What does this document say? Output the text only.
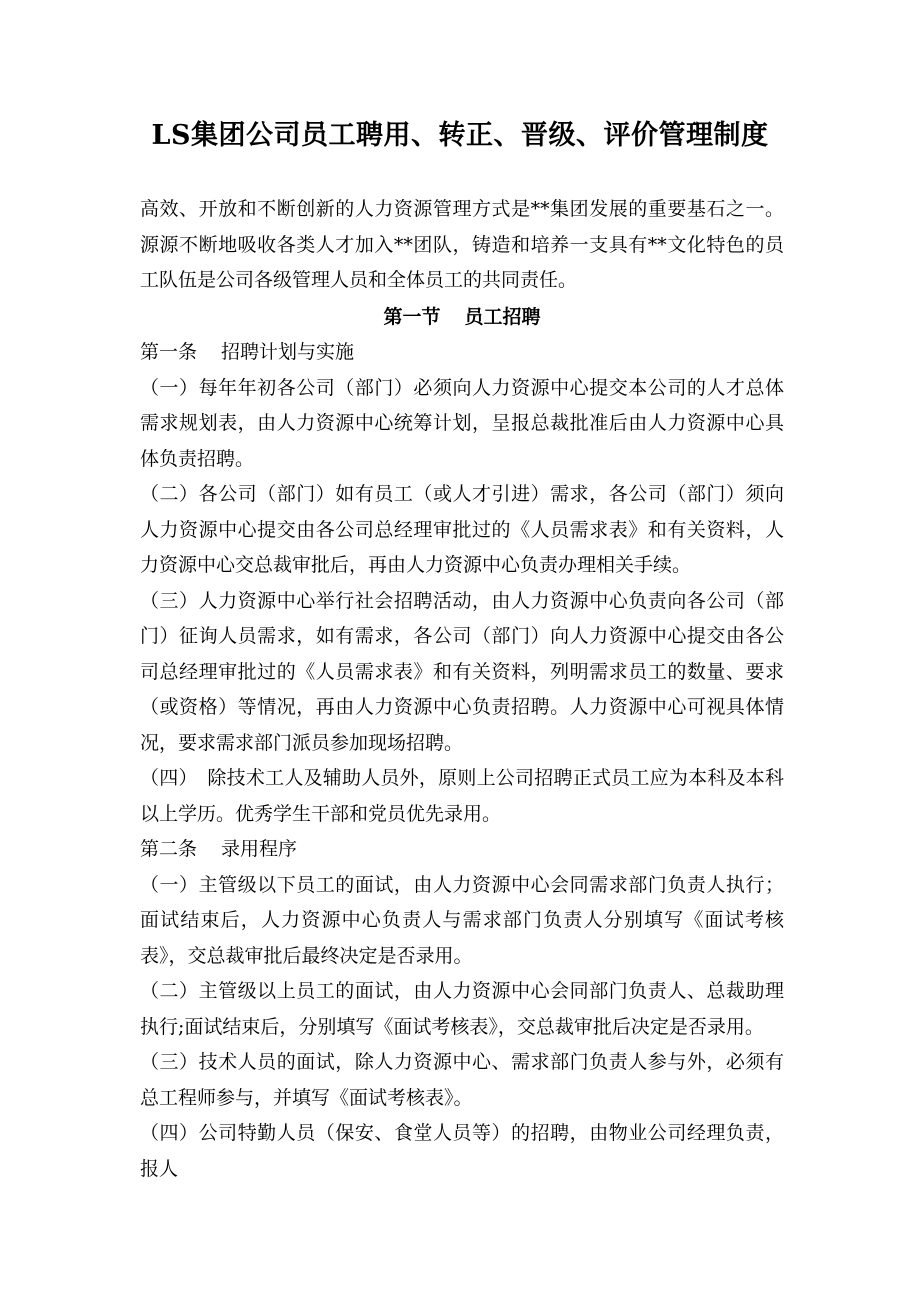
LS集团公司员工聘用、转正、晋级、评价管理制度

高效、开放和不断创新的人力资源管理方式是**集团发展的重要基石之一。源源不断地吸收各类人才加入**团队，铸造和培养一支具有**文化特色的员工队伍是公司各级管理人员和全体员工的共同责任。

第一节 员工招聘

第一条 招聘计划与实施

（一）每年年初各公司（部门）必须向人力资源中心提交本公司的人才总体需求规划表，由人力资源中心统筹计划，呈报总裁批准后由人力资源中心具体负责招聘。

（二）各公司（部门）如有员工（或人才引进）需求，各公司（部门）须向人力资源中心提交由各公司总经理审批过的《人员需求表》和有关资料，人力资源中心交总裁审批后，再由人力资源中心负责办理相关手续。

（三）人力资源中心举行社会招聘活动，由人力资源中心负责向各公司（部门）征询人员需求，如有需求，各公司（部门）向人力资源中心提交由各公司总经理审批过的《人员需求表》和有关资料，列明需求员工的数量、要求（或资格）等情况，再由人力资源中心负责招聘。人力资源中心可视具体情况，要求需求部门派员参加现场招聘。

（四）　除技术工人及辅助人员外，原则上公司招聘正式员工应为本科及本科以上学历。优秀学生干部和党员优先录用。

第二条 录用程序

（一）主管级以下员工的面试，由人力资源中心会同需求部门负责人执行；面试结束后，人力资源中心负责人与需求部门负责人分别填写《面试考核表》，交总裁审批后最终决定是否录用。

（二）主管级以上员工的面试，由人力资源中心会同部门负责人、总裁助理执行;面试结束后，分别填写《面试考核表》，交总裁审批后决定是否录用。

（三）技术人员的面试，除人力资源中心、需求部门负责人参与外，必须有总工程师参与，并填写《面试考核表》。

（四）公司特勤人员（保安、食堂人员等）的招聘，由物业公司经理负责，报人
